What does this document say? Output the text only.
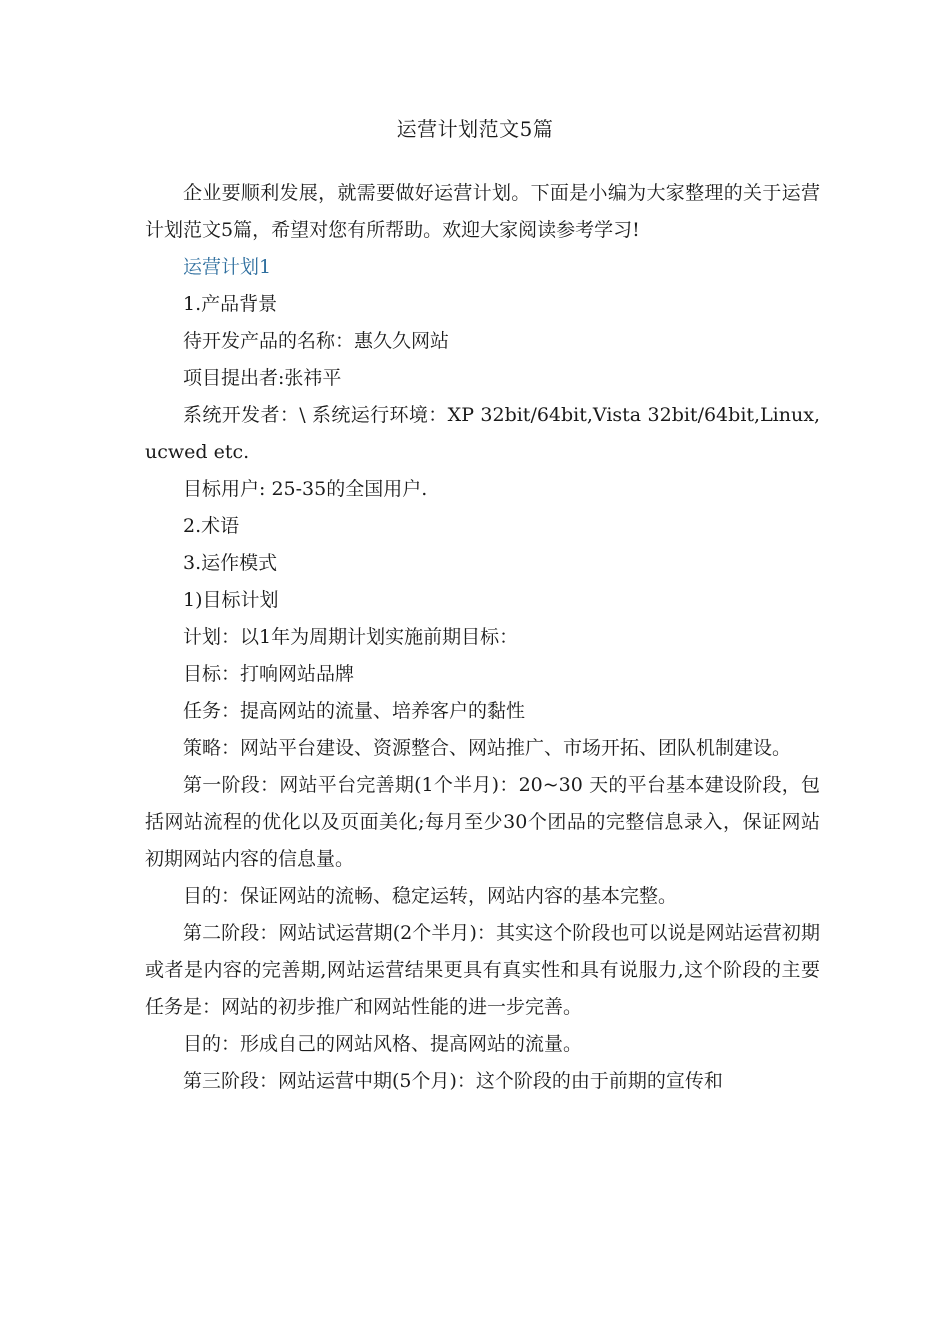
运营计划范文5篇

企业要顺利发展，就需要做好运营计划。下面是小编为大家整理的关于运营计划范文5篇，希望对您有所帮助。欢迎大家阅读参考学习!

运营计划1

1.产品背景

待开发产品的名称：惠久久网站

项目提出者:张祎平

系统开发者：\ 系统运行环境：XP 32bit/64bit,Vista 32bit/64bit,Linux,ucwed etc.

目标用户: 25-35的全国用户.

2.术语

3.运作模式

1)目标计划

计划：以1年为周期计划实施前期目标：

目标：打响网站品牌

任务：提高网站的流量、培养客户的黏性

策略：网站平台建设、资源整合、网站推广、市场开拓、团队机制建设。

第一阶段：网站平台完善期(1个半月)：20~30 天的平台基本建设阶段，包括网站流程的优化以及页面美化;每月至少30个团品的完整信息录入，保证网站初期网站内容的信息量。

目的：保证网站的流畅、稳定运转，网站内容的基本完整。

第二阶段：网站试运营期(2个半月)：其实这个阶段也可以说是网站运营初期或者是内容的完善期,网站运营结果更具有真实性和具有说服力,这个阶段的主要任务是：网站的初步推广和网站性能的进一步完善。

目的：形成自己的网站风格、提高网站的流量。

第三阶段：网站运营中期(5个月)：这个阶段的由于前期的宣传和
